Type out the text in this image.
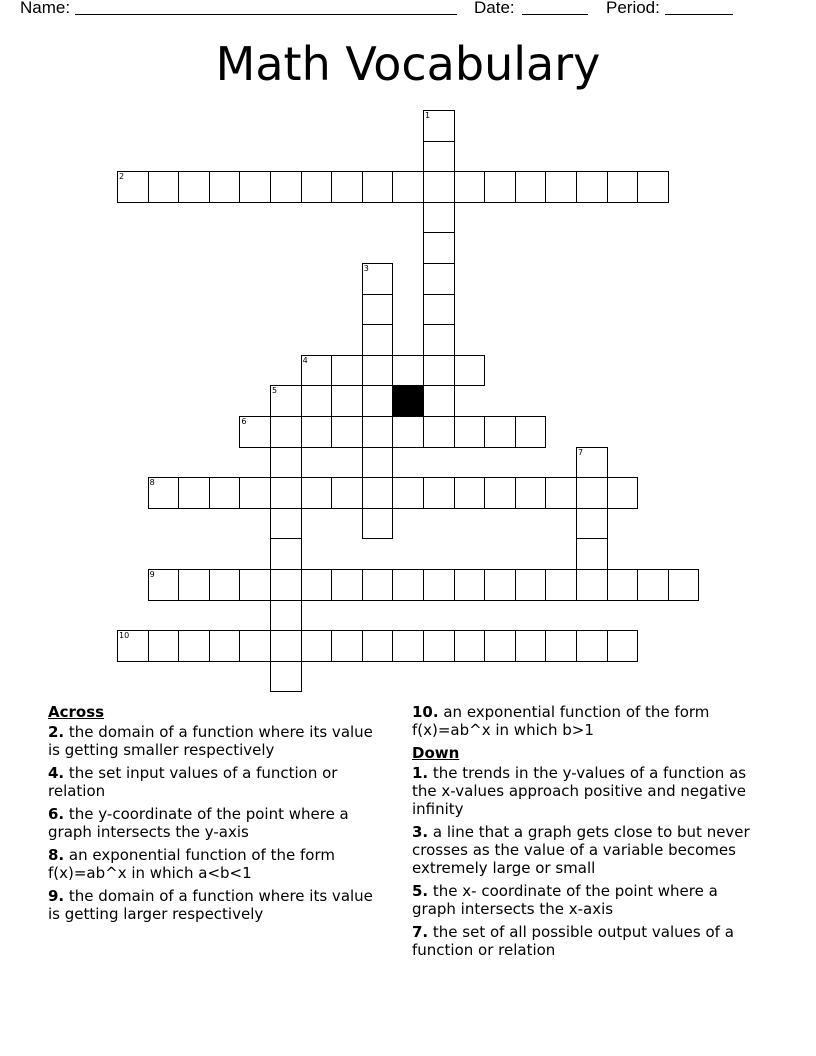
Name:	Date:	Period:
Math Vocabulary
1
2
3
4
5
6
7
8
9
10
Across
2. the domain of a function where its value is getting smaller respectively
4. the set input values of a function or relation
6. the y-coordinate of the point where a graph intersects the y-axis
8. an exponential function of the form f(x)=ab^x in which a<b<1
9. the domain of a function where its value is getting larger respectively
10. an exponential function of the form f(x)=ab^x in which b>1
Down
1. the trends in the y-values of a function as the x-values approach positive and negative infinity
3. a line that a graph gets close to but never crosses as the value of a variable becomes extremely large or small
5. the x- coordinate of the point where a graph intersects the x-axis
7. the set of all possible output values of a function or relation
